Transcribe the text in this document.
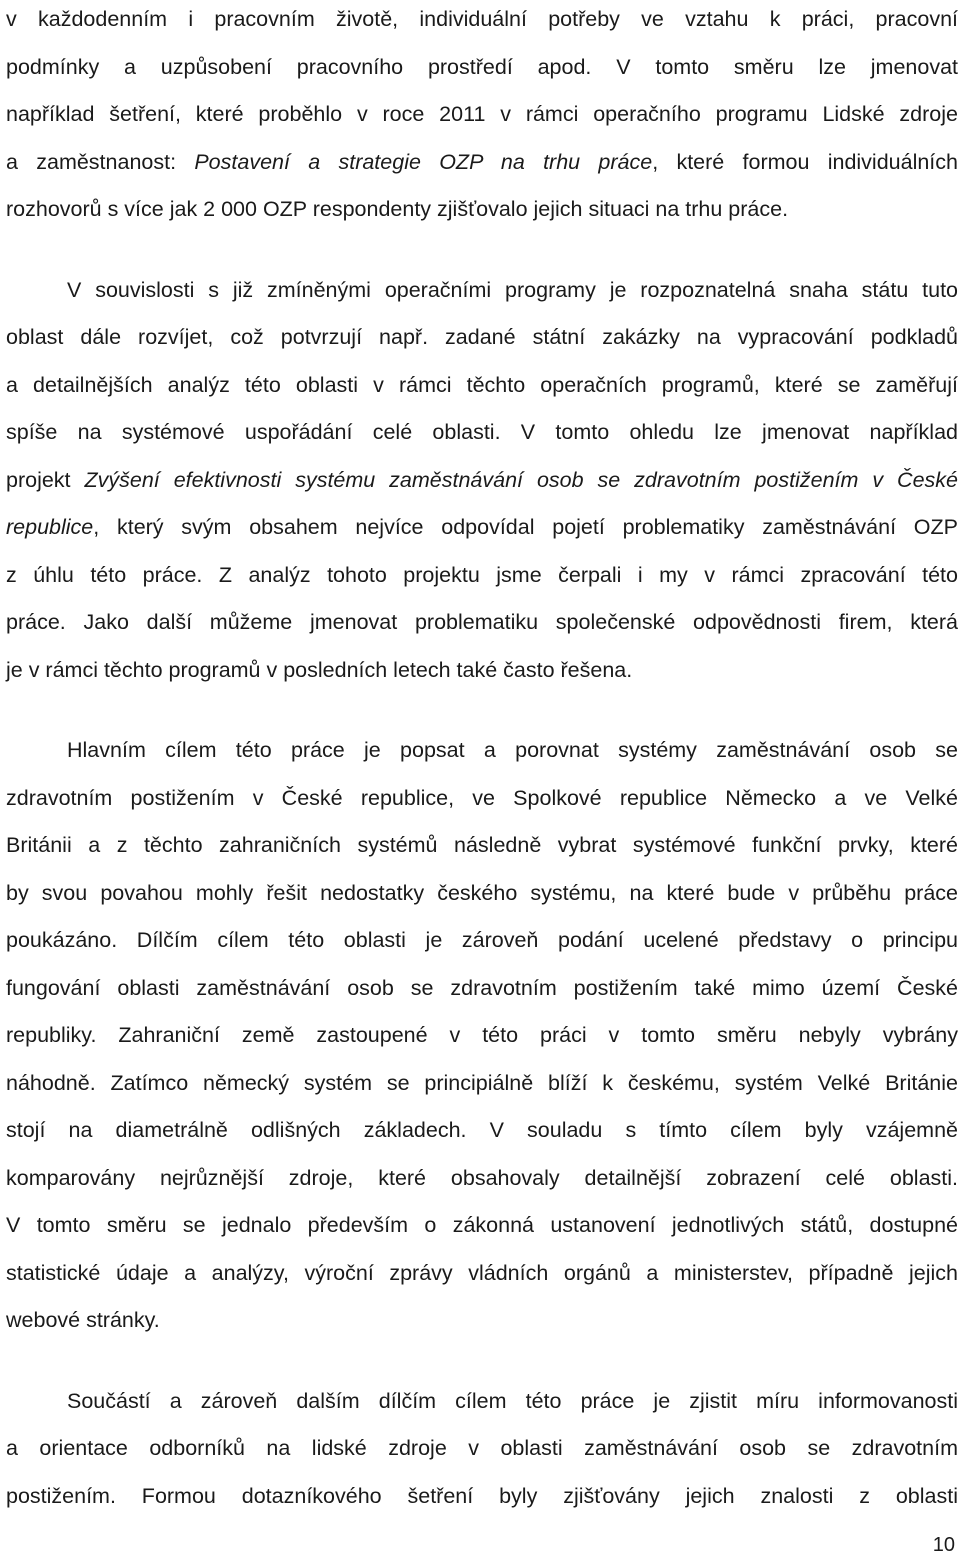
v každodenním i pracovním životě, individuální potřeby ve vztahu k práci, pracovní
podmínky a uzpůsobení pracovního prostředí apod. V tomto směru lze jmenovat
například šetření, které proběhlo v roce 2011 v rámci operačního programu Lidské zdroje
a zaměstnanost: Postavení a strategie OZP na trhu práce, které formou individuálních
rozhovorů s více jak 2 000 OZP respondenty zjišťovalo jejich situaci na trhu práce.
V souvislosti s již zmíněnými operačními programy je rozpoznatelná snaha státu tuto
oblast dále rozvíjet, což potvrzují např. zadané státní zakázky na vypracování podkladů
a detailnějších analýz této oblasti v rámci těchto operačních programů, které se zaměřují
spíše na systémové uspořádání celé oblasti. V tomto ohledu lze jmenovat například
projekt Zvýšení efektivnosti systému zaměstnávání osob se zdravotním postižením v České
republice, který svým obsahem nejvíce odpovídal pojetí problematiky zaměstnávání OZP
z úhlu této práce. Z analýz tohoto projektu jsme čerpali i my v rámci zpracování této
práce. Jako další můžeme jmenovat problematiku společenské odpovědnosti firem, která
je v rámci těchto programů v posledních letech také často řešena.
Hlavním cílem této práce je popsat a porovnat systémy zaměstnávání osob se
zdravotním postižením v České republice, ve Spolkové republice Německo a ve Velké
Británii a z těchto zahraničních systémů následně vybrat systémové funkční prvky, které
by svou povahou mohly řešit nedostatky českého systému, na které bude v průběhu práce
poukázáno. Dílčím cílem této oblasti je zároveň podání ucelené představy o principu
fungování oblasti zaměstnávání osob se zdravotním postižením také mimo území České
republiky. Zahraniční země zastoupené v této práci v tomto směru nebyly vybrány
náhodně. Zatímco německý systém se principiálně blíží k českému, systém Velké Británie
stojí na diametrálně odlišných základech. V souladu s tímto cílem byly vzájemně
komparovány nejrůznější zdroje, které obsahovaly detailnější zobrazení celé oblasti.
V tomto směru se jednalo především o zákonná ustanovení jednotlivých států, dostupné
statistické údaje a analýzy, výroční zprávy vládních orgánů a ministerstev, případně jejich
webové stránky.
Součástí a zároveň dalším dílčím cílem této práce je zjistit míru informovanosti
a orientace odborníků na lidské zdroje v oblasti zaměstnávání osob se zdravotním
postižením. Formou dotazníkového šetření byly zjišťovány jejich znalosti z oblasti
10
